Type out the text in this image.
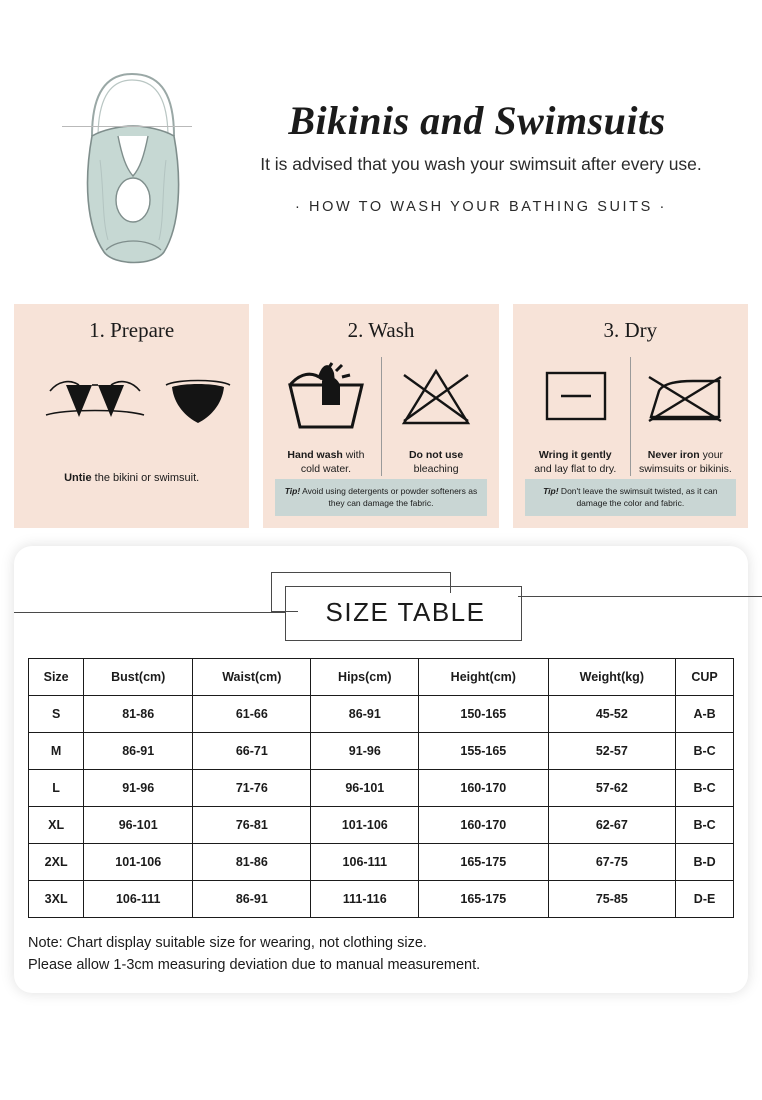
Bikinis and Swimsuits

It is advised that you wash your swimsuit after every use.

· HOW TO WASH YOUR BATHING SUITS ·
1. Prepare
Untie the bikini or swimsuit.
2. Wash
Hand wash with
cold water.
Do not use
bleaching
Tip! Avoid using detergents or powder softeners as they can damage the fabric.
3. Dry
Wring it gently
and lay flat to dry.
Never iron your
swimsuits or bikinis.
Tip! Don't leave the swimsuit twisted, as it can damage the color and fabric.
SIZE TABLE
Size	Bust(cm)	Waist(cm)	Hips(cm)	Height(cm)	Weight(kg)	CUP
S	81-86	61-66	86-91	150-165	45-52	A-B
M	86-91	66-71	91-96	155-165	52-57	B-C
L	91-96	71-76	96-101	160-170	57-62	B-C
XL	96-101	76-81	101-106	160-170	62-67	B-C
2XL	101-106	81-86	106-111	165-175	67-75	B-D
3XL	106-111	86-91	111-116	165-175	75-85	D-E
Note: Chart display suitable size for wearing, not clothing size.
Please allow 1-3cm measuring deviation due to manual measurement.
